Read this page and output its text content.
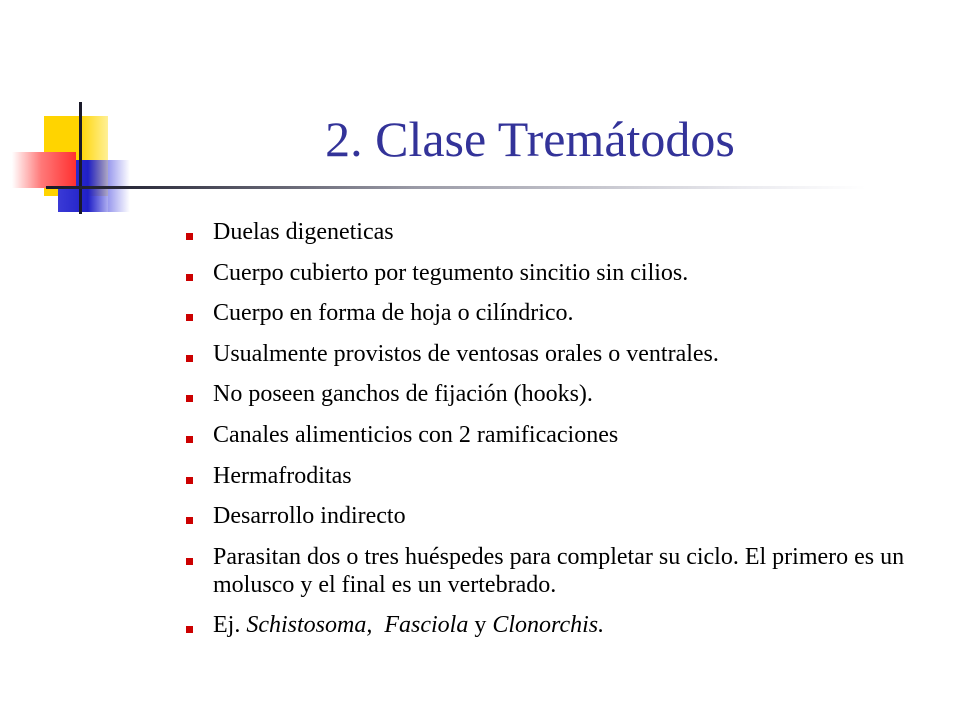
2. Clase Tremátodos
Duelas digeneticas
Cuerpo cubierto por tegumento sincitio sin cilios.
Cuerpo en forma de hoja o cilíndrico.
Usualmente provistos de ventosas orales o ventrales.
No poseen ganchos de fijación (hooks).
Canales alimenticios con 2 ramificaciones
Hermafroditas
Desarrollo indirecto
Parasitan dos o tres huéspedes para completar su ciclo. El primero es un molusco y el final es un vertebrado.
Ej. Schistosoma, Fasciola y Clonorchis.
